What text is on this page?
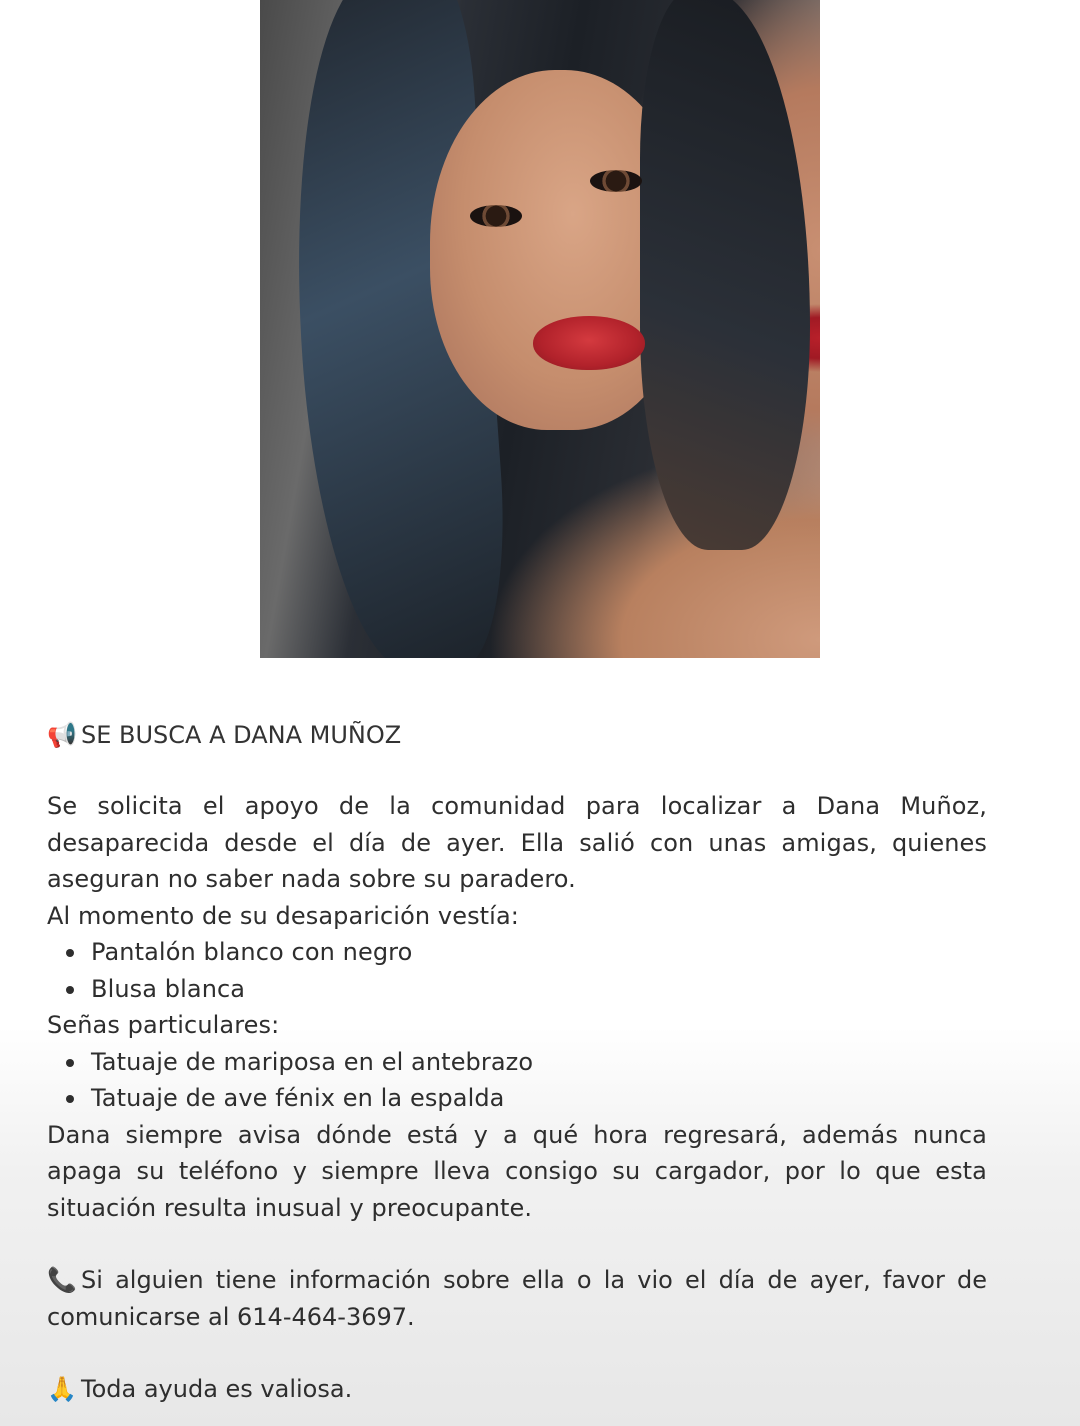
📢 SE BUSCA A DANA MUÑOZ
Se solicita el apoyo de la comunidad para localizar a Dana Muñoz, desaparecida desde el día de ayer. Ella salió con unas amigas, quienes aseguran no saber nada sobre su paradero.
Al momento de su desaparición vestía:
Pantalón blanco con negro
Blusa blanca
Señas particulares:
Tatuaje de mariposa en el antebrazo
Tatuaje de ave fénix en la espalda
Dana siempre avisa dónde está y a qué hora regresará, además nunca apaga su teléfono y siempre lleva consigo su cargador, por lo que esta situación resulta inusual y preocupante.
📞 Si alguien tiene información sobre ella o la vio el día de ayer, favor de comunicarse al 614-464-3697.
🙏 Toda ayuda es valiosa.
